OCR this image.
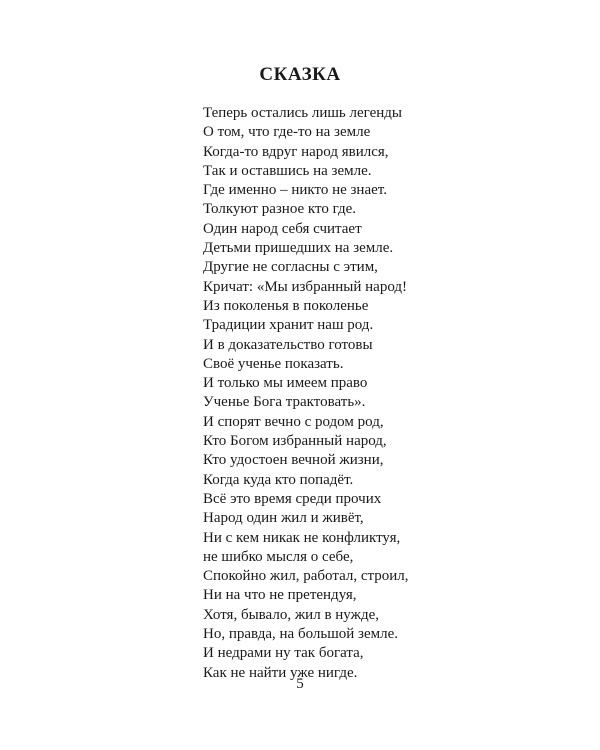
СКАЗКА
Теперь остались лишь легенды
О том, что где-то на земле
Когда-то вдруг народ явился,
Так и оставшись на земле.
Где именно – никто не знает.
Толкуют разное кто где.
Один народ себя считает
Детьми пришедших на земле.
Другие не согласны с этим,
Кричат: «Мы избранный народ!
Из поколенья в поколенье
Традиции хранит наш род.
И в доказательство готовы
Своё ученье показать.
И только мы имеем право
Ученье Бога трактовать».
И спорят вечно с родом род,
Кто Богом избранный народ,
Кто удостоен вечной жизни,
Когда куда кто попадёт.
Всё это время среди прочих
Народ один жил и живёт,
Ни с кем никак не конфликтуя,
не шибко мысля о себе,
Спокойно жил, работал, строил,
Ни на что не претендуя,
Хотя, бывало, жил в нужде,
Но, правда, на большой земле.
И недрами ну так богата,
Как не найти уже нигде.
5
